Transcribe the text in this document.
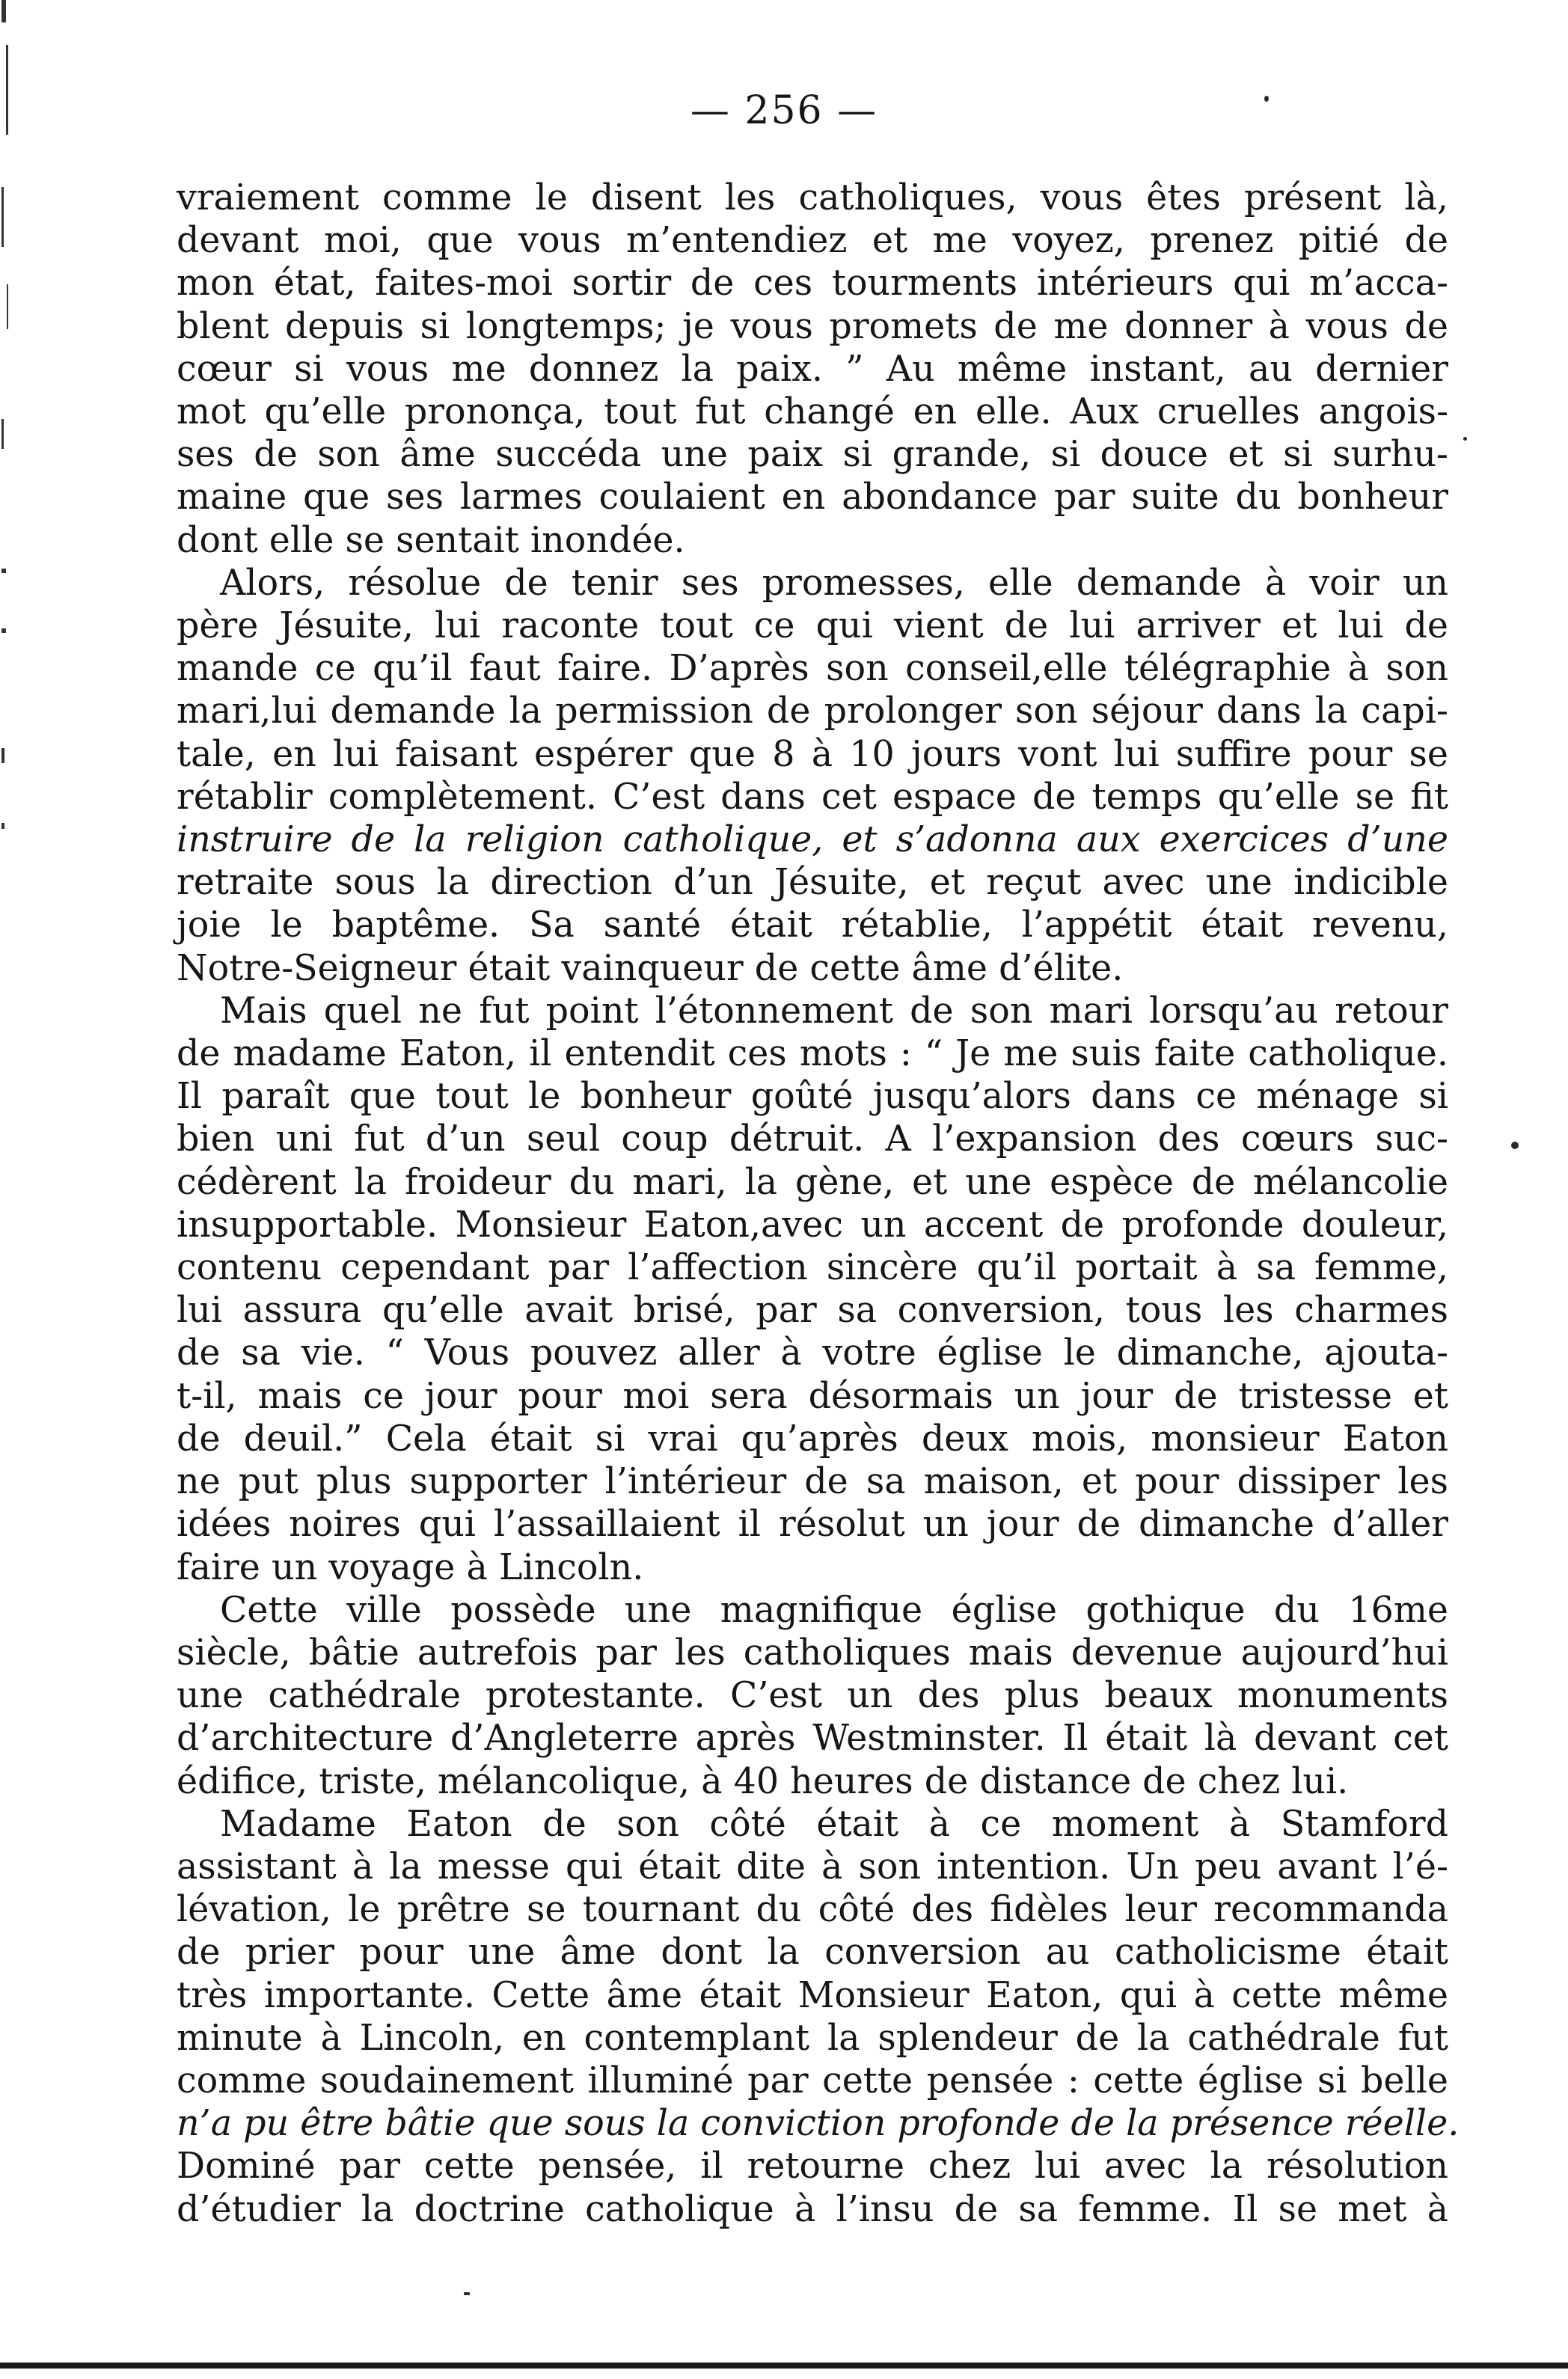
— 256 —
vraiement comme le disent les catholiques, vous êtes présent là,
devant moi, que vous m’entendiez et me voyez, prenez pitié de
mon état, faites-moi sortir de ces tourments intérieurs qui m’acca-
blent depuis si longtemps; je vous promets de me donner à vous de
cœur si vous me donnez la paix. ” Au même instant, au dernier
mot qu’elle prononça, tout fut changé en elle. Aux cruelles angois-
ses de son âme succéda une paix si grande, si douce et si surhu-
maine que ses larmes coulaient en abondance par suite du bonheur
dont elle se sentait inondée.
Alors, résolue de tenir ses promesses, elle demande à voir un
père Jésuite, lui raconte tout ce qui vient de lui arriver et lui de
mande ce qu’il faut faire. D’après son conseil,elle télégraphie à son
mari,lui demande la permission de prolonger son séjour dans la capi-
tale, en lui faisant espérer que 8 à 10 jours vont lui suffire pour se
rétablir complètement. C’est dans cet espace de temps qu’elle se fit
instruire de la religion catholique, et s’adonna aux exercices d’une
retraite sous la direction d’un Jésuite, et reçut avec une indicible
joie le baptême. Sa santé était rétablie, l’appétit était revenu,
Notre-Seigneur était vainqueur de cette âme d’élite.
Mais quel ne fut point l’étonnement de son mari lorsqu’au retour
de madame Eaton, il entendit ces mots : “ Je me suis faite catholique.
Il paraît que tout le bonheur goûté jusqu’alors dans ce ménage si
bien uni fut d’un seul coup détruit. A l’expansion des cœurs suc-
cédèrent la froideur du mari, la gène, et une espèce de mélancolie
insupportable. Monsieur Eaton,avec un accent de profonde douleur,
contenu cependant par l’affection sincère qu’il portait à sa femme,
lui assura qu’elle avait brisé, par sa conversion, tous les charmes
de sa vie. “ Vous pouvez aller à votre église le dimanche, ajouta-
t-il, mais ce jour pour moi sera désormais un jour de tristesse et
de deuil.” Cela était si vrai qu’après deux mois, monsieur Eaton
ne put plus supporter l’intérieur de sa maison, et pour dissiper les
idées noires qui l’assaillaient il résolut un jour de dimanche d’aller
faire un voyage à Lincoln.
Cette ville possède une magnifique église gothique du 16me
siècle, bâtie autrefois par les catholiques mais devenue aujourd’hui
une cathédrale protestante. C’est un des plus beaux monuments
d’architecture d’Angleterre après Westminster. Il était là devant cet
édifice, triste, mélancolique, à 40 heures de distance de chez lui.
Madame Eaton de son côté était à ce moment à Stamford
assistant à la messe qui était dite à son intention. Un peu avant l’é-
lévation, le prêtre se tournant du côté des fidèles leur recommanda
de prier pour une âme dont la conversion au catholicisme était
très importante. Cette âme était Monsieur Eaton, qui à cette même
minute à Lincoln, en contemplant la splendeur de la cathédrale fut
comme soudainement illuminé par cette pensée : cette église si belle
n’a pu être bâtie que sous la conviction profonde de la présence réelle.
Dominé par cette pensée, il retourne chez lui avec la résolution
d’étudier la doctrine catholique à l’insu de sa femme. Il se met à
